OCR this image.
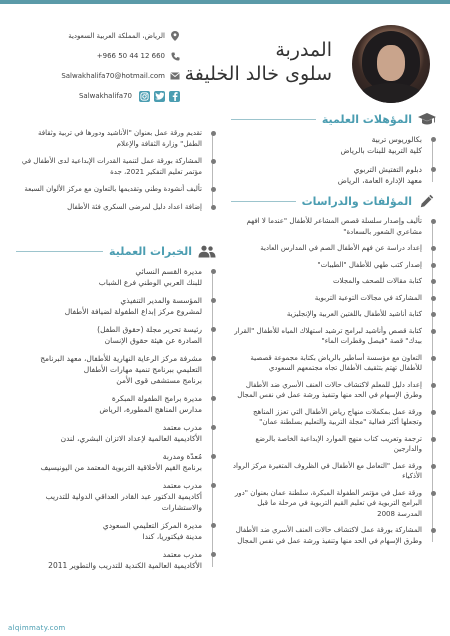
الرياض، المملكة العربية السعودية
+966 50 44 12 660
Salwakhalifa70@hotmail.com
Salwakhalifa70
المدربة
سلوى خالد الخليفة
المؤهلات العلمية
بكالوريوس تربية
كلية التربية للبنات بالرياض
دبلوم التفتيش التربوي
معهد الإدارة العامة، الرياض
المؤلفات والدراسات
تأليف وإصدار سلسلة قصص المشاعر للأطفال "عندما لا افهم مشاعري الشعور بالسعادة"
إعداد دراسة عن فهم الأطفال الصم في المدارس العادية
إصدار كتب طهي للأطفال "الطيبات"
كتابة مقالات للصحف والمجلات
المشاركة في مجالات التوعية التربوية
كتابة أناشيد للأطفال باللغتين العربية والإنجليزية
كتابة قصص وأناشيد لبرامج ترشيد استهلاك المياه للأطفال "القرار بيدك" قصة "فيصل وقطرات الماء"
التعاون مع مؤسسة أساطير بالرياض بكتابة مجموعة قصصية للأطفال تهتم بتثقيف الأطفال تجاه مجتمعهم السعودي
إعداد دليل للمعلم لاكتشاف حالات العنف الأسري ضد الأطفال وطرق الإسهام في الحد منها وتنفيذ ورشة عمل في نفس المجال
ورقة عمل بمكملات منهاج رياض الأطفال التي تعزز المناهج وتجعلها أكثر فعالية "مجلة التربية والتعليم بسلطنة عمان"
ترجمة وتعريب كتاب منهج الموارد الإبداعية الخاصة بالرضع والدارجين
ورقة عمل "التعامل مع الأطفال في الظروف المتغيرة مركز الرواد الأذكياء
ورقة عمل في مؤتمر الطفولة المبكرة، سلطنة عمان بعنوان "دور البرامج التربوية في تعليم القيم التربوية في مرحلة ما قبل المدرسة 2008
المشاركة بورقة عمل لاكتشاف حالات العنف الأسري ضد الأطفال وطرق الإسهام في الحد منها وتنفيذ ورشة عمل في نفس المجال
تقديم ورقة عمل بعنوان "الأناشيد ودورها في تربية وثقافة الطفل" وزارة الثقافة والإعلام
المشاركة بورقة عمل لتنمية القدرات الإبداعية لدى الأطفال في مؤتمر تعليم التفكير 2021، جدة
تأليف أنشودة وطني وتقديمها بالتعاون مع مركز الألوان السبعة
إضافة اعداد دليل لمرضى السكري فئة الأطفال
الخبرات العملية
مديرة القسم النسائي
للبنك العربي الوطني فرع الشباب
المؤسسة والمدير التنفيذي
لمشروع مركز إبداع الطفولة لضيافة الأطفال
رئيسة تحرير مجلة (حقوق الطفل)
الصادرة عن هيئة حقوق الإنسان
مشرفة مركز الرعاية النهارية للأطفال، معهد البرنامج
التعليمي ببرنامج تنمية مهارات الأطفال
برنامج مستشفى قوى الأمن
مديرة برامج الطفولة المبكرة
مدارس المناهج المطورة، الرياض
مدرب معتمد
الأكاديمية العالمية لإعداد الاتزان البشري، لندن
مُعدّة ومدربة
برنامج القيم الأخلاقية التربوية المعتمد من اليونيسيف
مدرب معتمد
أكاديمية الدكتور عبد القادر العداقي الدولية للتدريب والاستشارات
مديرة المركز التعليمي السعودي
مدينة فيكتوريا، كندا
مدرب معتمد
الأكاديمية العالمية الكندية للتدريب والتطوير 2011
alqimmaty.com
